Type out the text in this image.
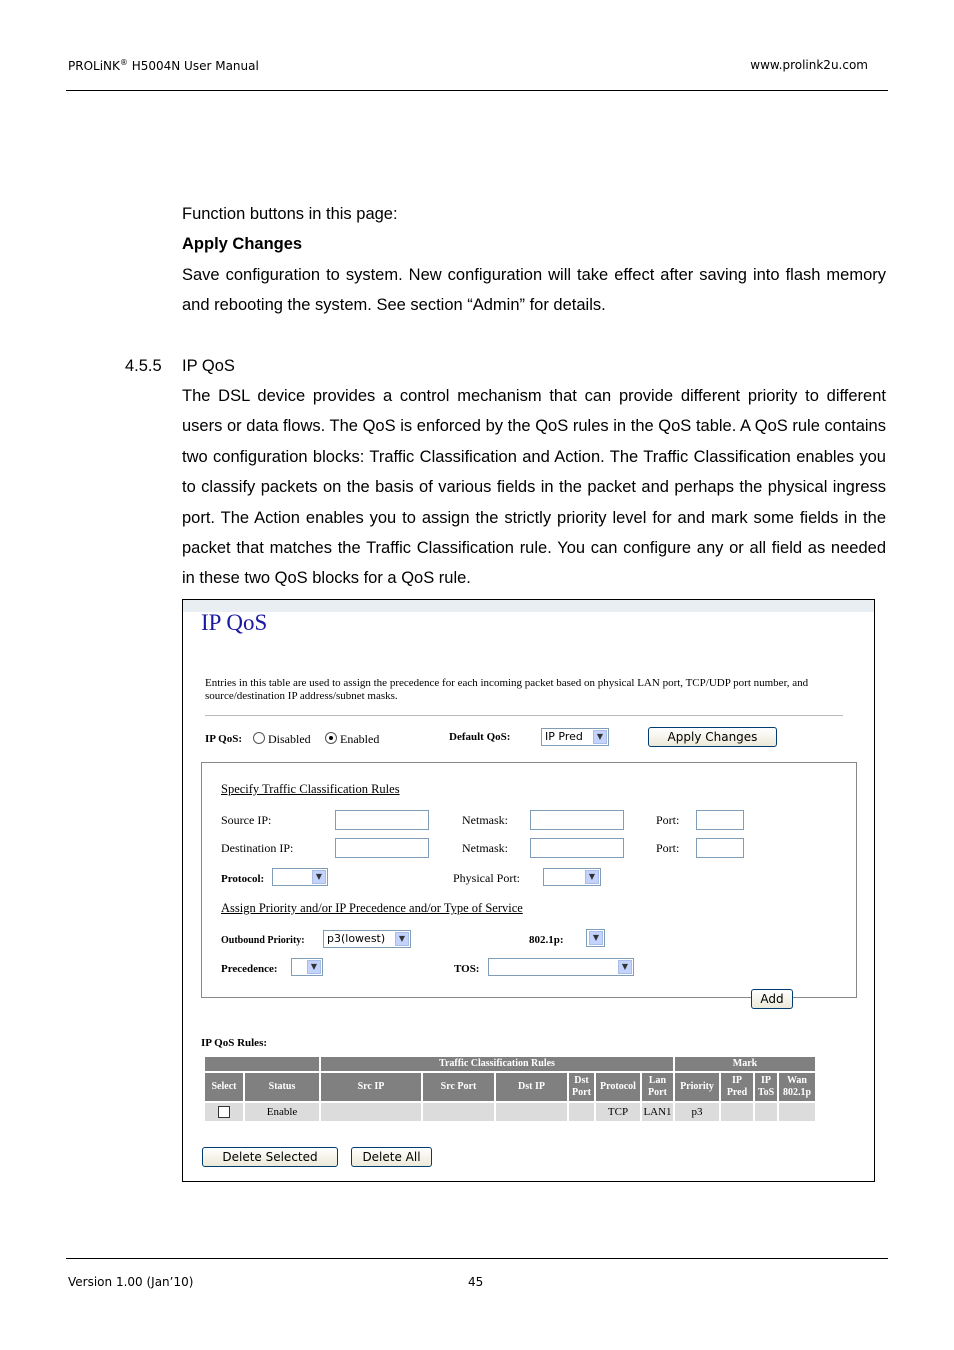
PROLiNK® H5004N User Manual	www.prolink2u.com
Function buttons in this page:
Apply Changes
Save configuration to system. New configuration will take effect after saving into flash memory and rebooting the system. See section “Admin” for details.
4.5.5 IP QoS
The DSL device provides a control mechanism that can provide different priority to different users or data flows. The QoS is enforced by the QoS rules in the QoS table. A QoS rule contains two configuration blocks: Traffic Classification and Action. The Traffic Classification enables you to classify packets on the basis of various fields in the packet and perhaps the physical ingress port. The Action enables you to assign the strictly priority level for and mark some fields in the packet that matches the Traffic Classification rule. You can configure any or all field as needed in these two QoS blocks for a QoS rule.
IP QoS
Entries in this table are used to assign the precedence for each incoming packet based on physical LAN port, TCP/UDP port number, and source/destination IP address/subnet masks.
IP QoS:	Disabled	Enabled	Default QoS:	IP Pred	▼	Apply Changes
Specify Traffic Classification Rules
Source IP:	Netmask:	Port:
Destination IP:	Netmask:	Port:
Protocol:	▼	Physical Port:	▼
Assign Priority and/or IP Precedence and/or Type of Service
Outbound Priority:	p3(lowest)	▼	802.1p:	▼
Precedence:	▼	TOS:	▼
Add
IP QoS Rules:
		Traffic Classification Rules						Mark			
Select	Status	Src IP	Src Port	Dst IP	Dst Port	Protocol	Lan Port	Priority	IP Pred	IP ToS	Wan 802.1p
	Enable					TCP	LAN1	p3			
Delete Selected	Delete All
Version 1.00 (Jan’10)	45
